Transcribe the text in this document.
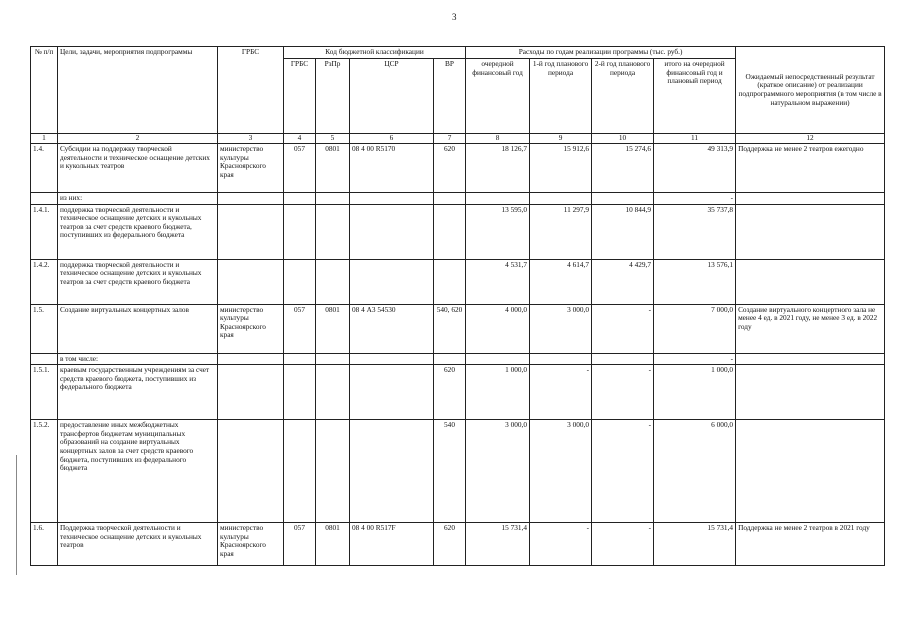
3
№ п/п	Цели, задачи, мероприятия подпрограммы	ГРБС	Код бюджетной классификации				Расходы по годам реализации программы (тыс. руб.)				Ожидаемый непосредственный результат (краткое описание) от реализации подпрограммного мероприятия (в том числе в натуральном выражении)
			ГРБС	РзПр	ЦСР	ВР	очередной финансовый год	1-й год планового периода	2-й год планового периода	итого на очередной финансовый год и плановый период	
1	2	3	4	5	6	7	8	9	10	11	12
1.4.	Субсидии на поддержку творческой деятельности и техническое оснащение детских и кукольных театров	министерство культуры Красноярского края	057	0801	08 4 00 R5170	620	18 126,7	15 912,6	15 274,6	49 313,9	Поддержка не менее 2 театров ежегодно
	из них:									-	
1.4.1.	поддержка творческой деятельности и техническое оснащение детских и кукольных театров за счет средств краевого бюджета, поступивших из федерального бюджета						13 595,0	11 297,9	10 844,9	35 737,8	
1.4.2.	поддержка творческой деятельности и техническое оснащение детских и кукольных театров за счет средств краевого бюджета						4 531,7	4 614,7	4 429,7	13 576,1	
1.5.	Создание виртуальных концертных залов	министерство культуры Красноярского края	057	0801	08 4 А3 54530	540, 620	4 000,0	3 000,0	-	7 000,0	Создание виртуального концертного зала не менее 4 ед. в 2021 году, не менее 3 ед. в 2022 году
	в том числе:									-	
1.5.1.	краевым государственным учреждениям за счет средств краевого бюджета, поступивших из федерального бюджета					620	1 000,0	-	-	1 000,0	
1.5.2.	предоставление иных межбюджетных трансфертов бюджетам муниципальных образований на создание виртуальных концертных залов за счет средств краевого бюджета, поступивших из федерального бюджета					540	3 000,0	3 000,0	-	6 000,0	
1.6.	Поддержка творческой деятельности и техническое оснащение детских и кукольных театров	министерство культуры Красноярского края	057	0801	08 4 00 R517F	620	15 731,4	-	-	15 731,4	Поддержка не менее 2 театров в 2021 году
